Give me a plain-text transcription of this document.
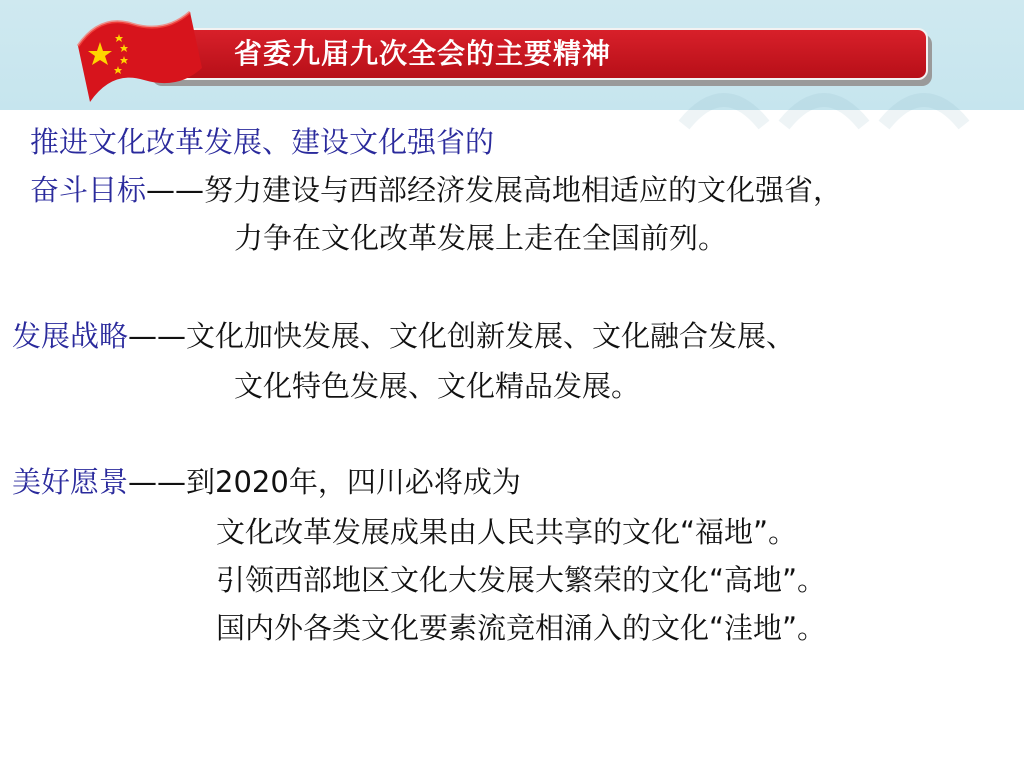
省委九届九次全会的主要精神
推进文化改革发展、建设文化强省的
奋斗目标——努力建设与西部经济发展高地相适应的文化强省，
力争在文化改革发展上走在全国前列。
发展战略——文化加快发展、文化创新发展、文化融合发展、
文化特色发展、文化精品发展。
美好愿景——到2020年，四川必将成为
文化改革发展成果由人民共享的文化“福地”。
引领西部地区文化大发展大繁荣的文化“高地”。
国内外各类文化要素流竞相涌入的文化“洼地”。
